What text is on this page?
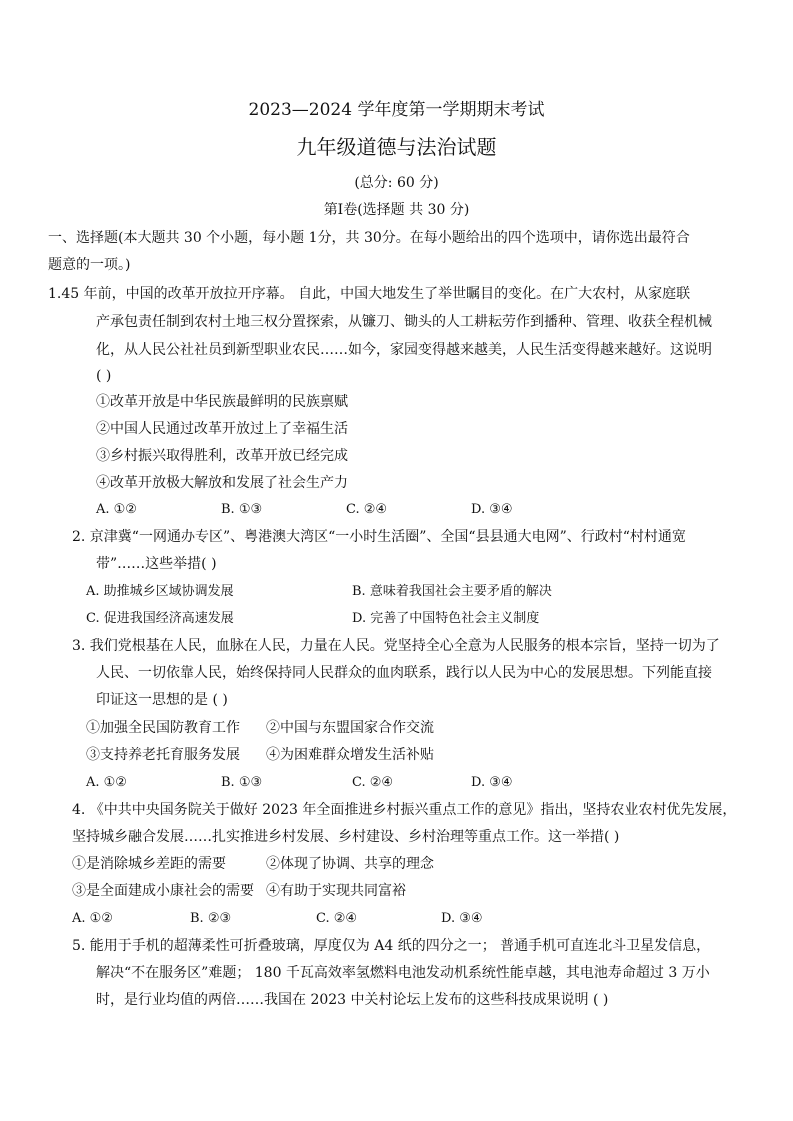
2023—2024 学年度第一学期期末考试
九年级道德与法治试题
(总分: 60 分)
第Ⅰ卷(选择题 共 30 分)
一、选择题(本大题共 30 个小题，每小题 1分，共 30分。在每小题给出的四个选项中，请你选出最符合
题意的一项。)
1.45 年前，中国的改革开放拉开序幕。 自此，中国大地发生了举世瞩目的变化。在广大农村，从家庭联
产承包责任制到农村土地三权分置探索，从镰刀、锄头的人工耕耘劳作到播种、管理、收获全程机械
化，从人民公社社员到新型职业农民……如今，家园变得越来越美，人民生活变得越来越好。这说明
( )
①改革开放是中华民族最鲜明的民族禀赋
②中国人民通过改革开放过上了幸福生活
③乡村振兴取得胜利，改革开放已经完成
④改革开放极大解放和发展了社会生产力
A. ①②	B. ①③	C. ②④	D. ③④
2. 京津冀“一网通办专区”、粤港澳大湾区“一小时生活圈”、全国“县县通大电网”、行政村“村村通宽
带”……这些举措( )
A. 助推城乡区域协调发展	B. 意味着我国社会主要矛盾的解决
C. 促进我国经济高速发展	D. 完善了中国特色社会主义制度
3. 我们党根基在人民，血脉在人民，力量在人民。党坚持全心全意为人民服务的根本宗旨，坚持一切为了
人民、一切依靠人民，始终保持同人民群众的血肉联系，践行以人民为中心的发展思想。下列能直接
印证这一思想的是 ( )
①加强全民国防教育工作 ②中国与东盟国家合作交流
③支持养老托育服务发展 ④为困难群众增发生活补贴
A. ①②	B. ①③	C. ②④	D. ③④
4. 《中共中央国务院关于做好 2023 年全面推进乡村振兴重点工作的意见》指出，坚持农业农村优先发展，
坚持城乡融合发展……扎实推进乡村发展、乡村建设、乡村治理等重点工作。这一举措( )
①是消除城乡差距的需要	②体现了协调、共享的理念
③是全面建成小康社会的需要 ④有助于实现共同富裕
A. ①②	B. ②③	C. ②④	D. ③④
5. 能用于手机的超薄柔性可折叠玻璃，厚度仅为 A4 纸的四分之一； 普通手机可直连北斗卫星发信息，
解决“不在服务区”难题； 180 千瓦高效率氢燃料电池发动机系统性能卓越，其电池寿命超过 3 万小
时，是行业均值的两倍……我国在 2023 中关村论坛上发布的这些科技成果说明 ( )
